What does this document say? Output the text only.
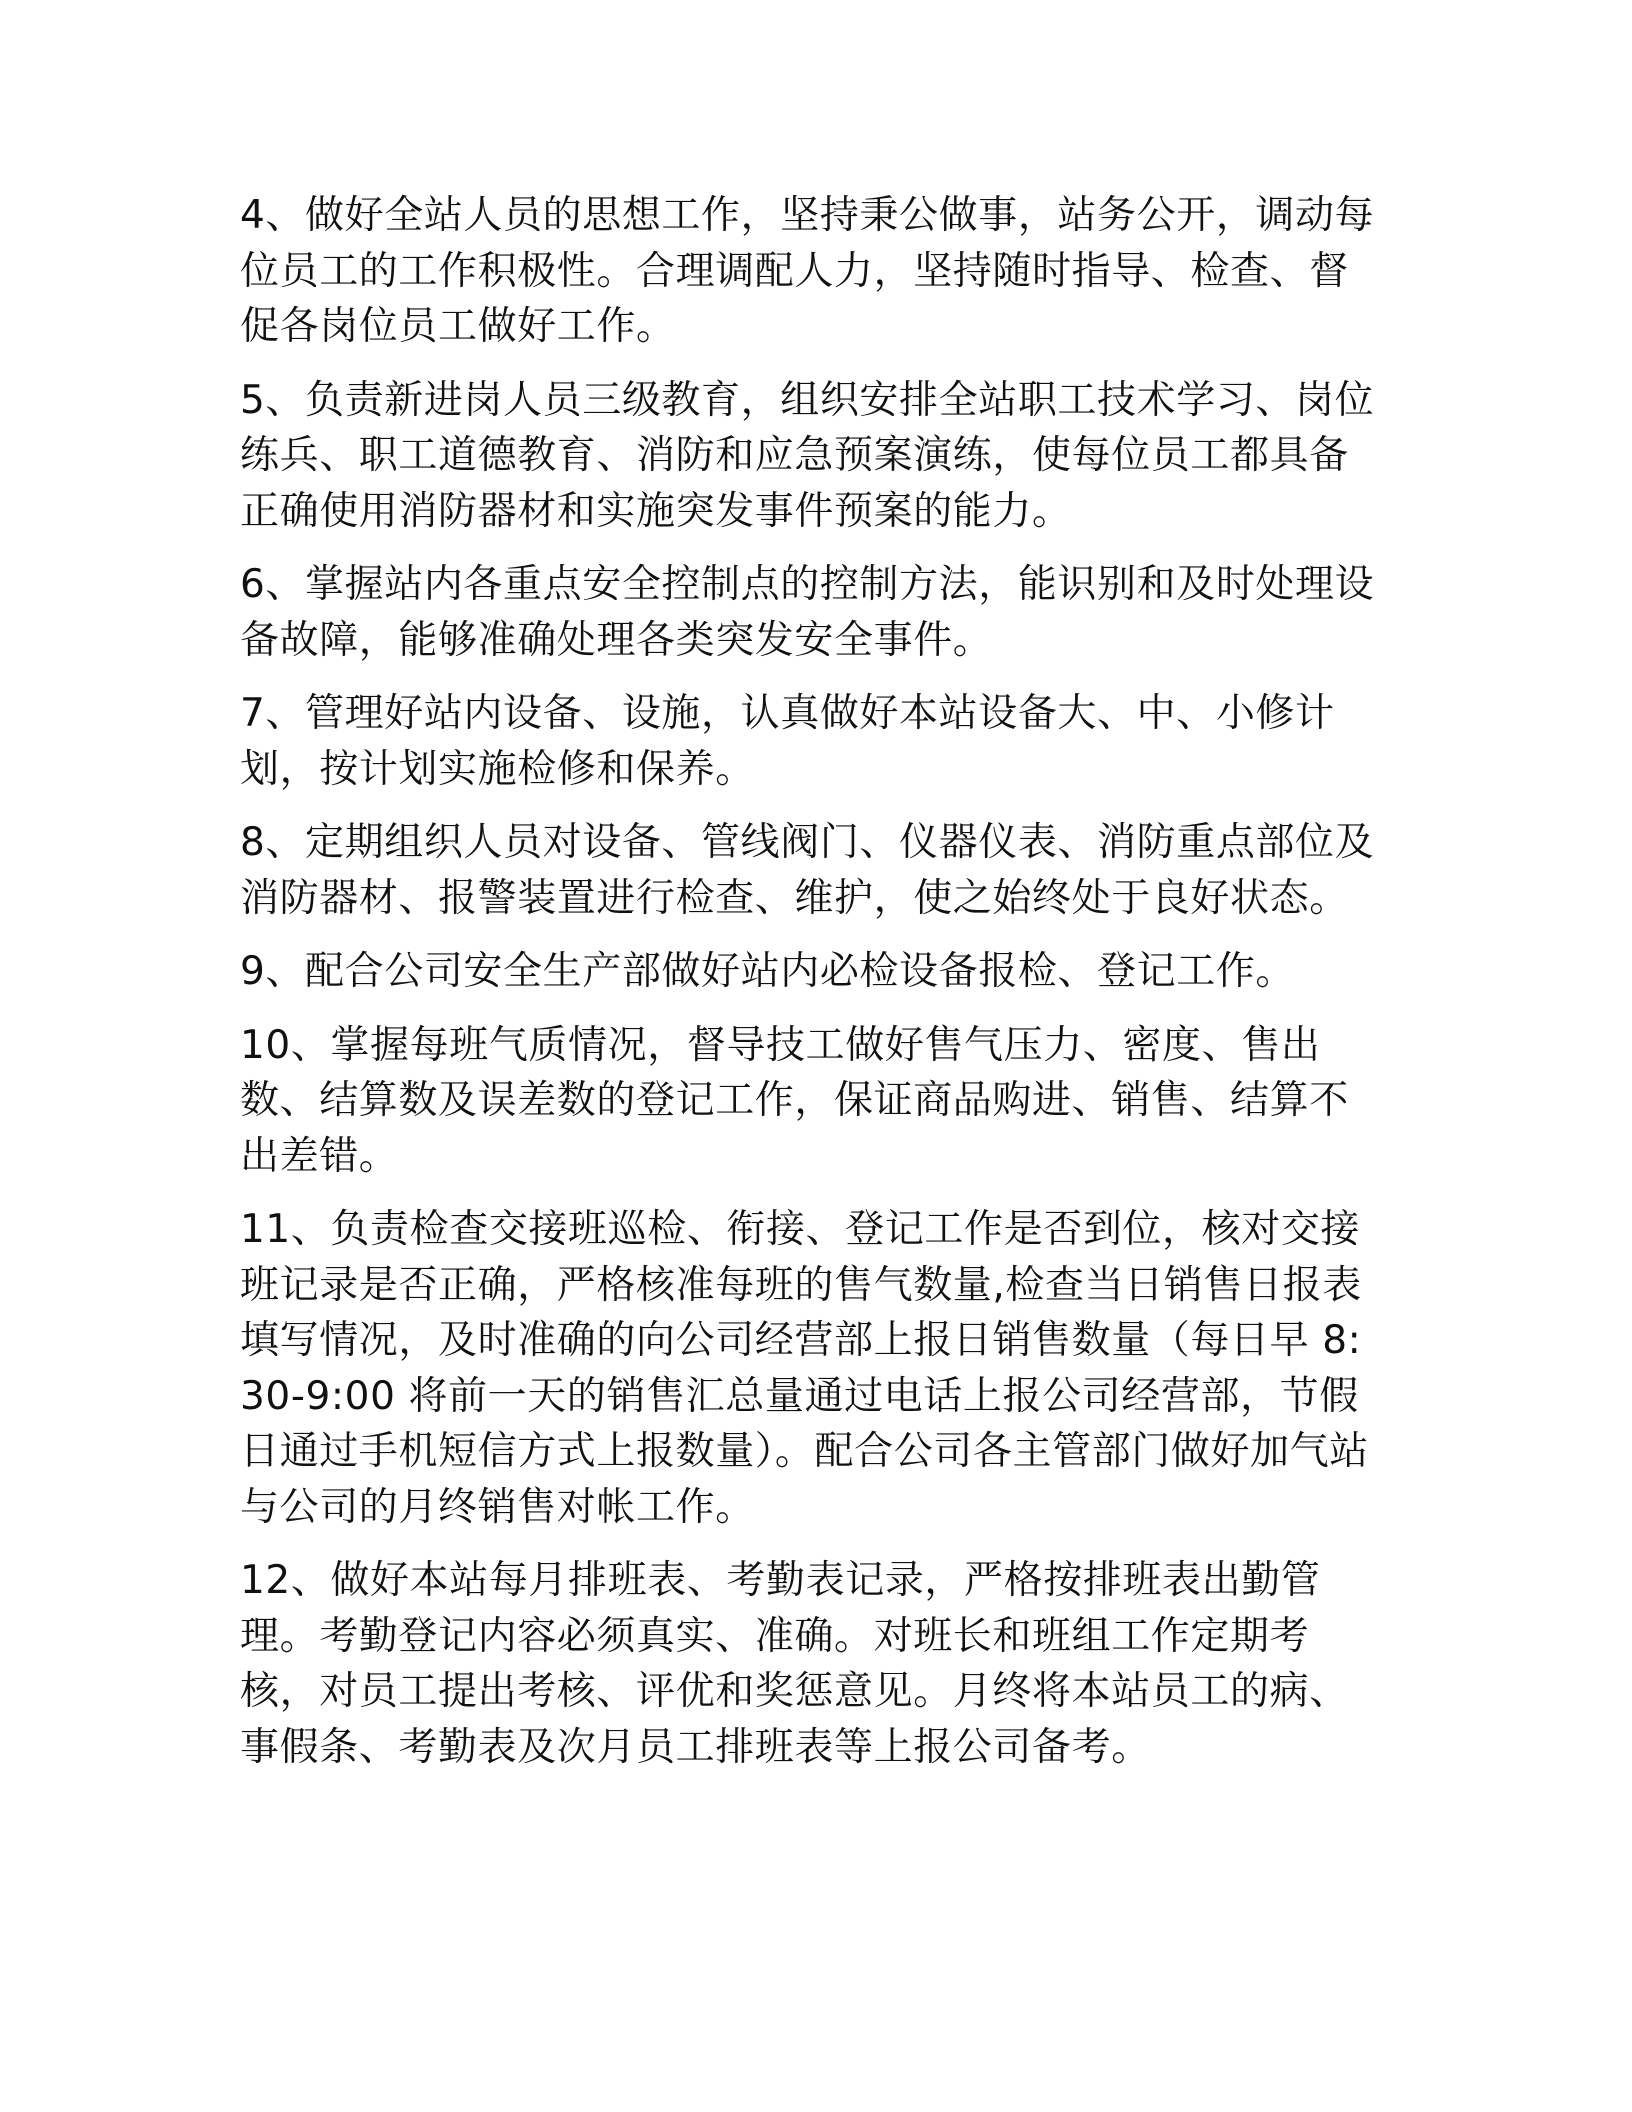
4、做好全站人员的思想工作，坚持秉公做事，站务公开，调动每位员工的工作积极性。合理调配人力，坚持随时指导、检查、督促各岗位员工做好工作。

5、负责新进岗人员三级教育，组织安排全站职工技术学习、岗位练兵、职工道德教育、消防和应急预案演练，使每位员工都具备正确使用消防器材和实施突发事件预案的能力。

6、掌握站内各重点安全控制点的控制方法，能识别和及时处理设备故障，能够准确处理各类突发安全事件。

7、管理好站内设备、设施，认真做好本站设备大、中、小修计划，按计划实施检修和保养。

8、定期组织人员对设备、管线阀门、仪器仪表、消防重点部位及消防器材、报警装置进行检查、维护，使之始终处于良好状态。

9、配合公司安全生产部做好站内必检设备报检、登记工作。

10、掌握每班气质情况，督导技工做好售气压力、密度、售出数、结算数及误差数的登记工作，保证商品购进、销售、结算不出差错。

11、负责检查交接班巡检、衔接、登记工作是否到位，核对交接班记录是否正确，严格核准每班的售气数量,检查当日销售日报表填写情况，及时准确的向公司经营部上报日销售数量（每日早 8:30-9:00 将前一天的销售汇总量通过电话上报公司经营部，节假日通过手机短信方式上报数量）。配合公司各主管部门做好加气站与公司的月终销售对帐工作。

12、做好本站每月排班表、考勤表记录，严格按排班表出勤管理。考勤登记内容必须真实、准确。对班长和班组工作定期考核，对员工提出考核、评优和奖惩意见。月终将本站员工的病、事假条、考勤表及次月员工排班表等上报公司备考。
